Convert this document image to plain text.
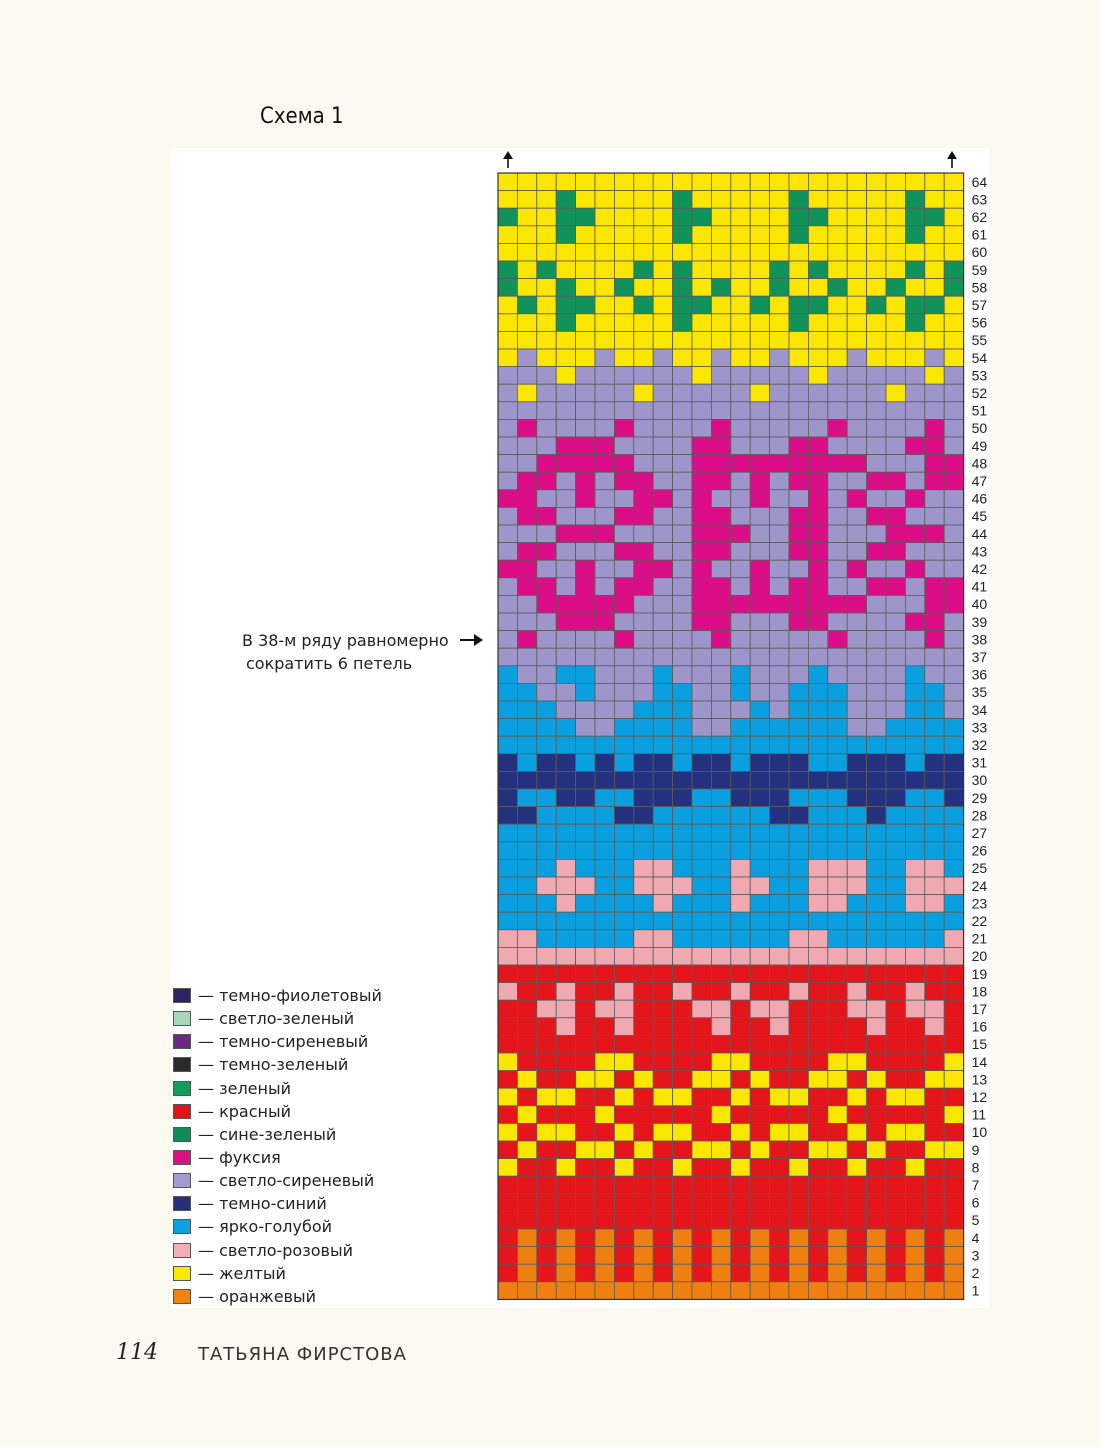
Схема 1
64
63
62
61
60
59
58
57
56
55
54
53
52
51
50
49
48
47
46
45
44
43
42
41
40
39
38
37
36
35
34
33
32
31
30
29
28
27
26
25
24
23
22
21
20
19
18
17
16
15
14
13
12
11
10
9
8
7
6
5
4
3
2
1
В 38-м ряду равномерно
сократить 6 петель
— темно-фиолетовый
— светло-зеленый
— темно-сиреневый
— темно-зеленый
— зеленый
— красный
— сине-зеленый
— фуксия
— светло-сиреневый
— темно-синий
— ярко-голубой
— светло-розовый
— желтый
— оранжевый
114 ТАТЬЯНА ФИРСТОВА
